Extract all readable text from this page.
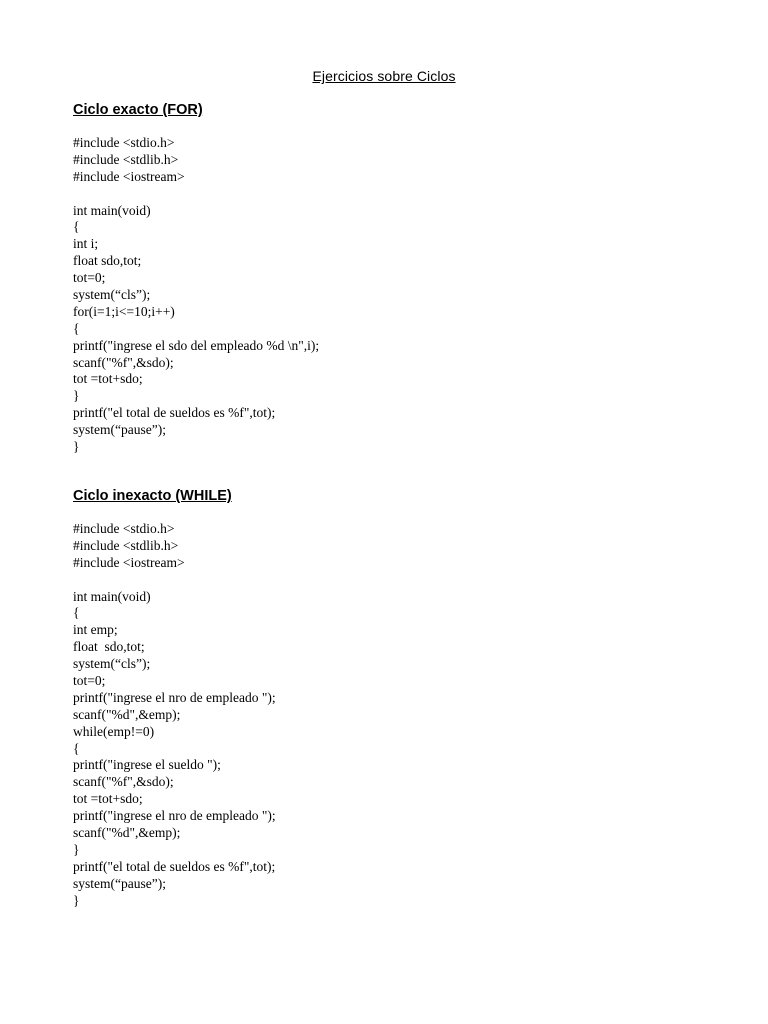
Ejercicios sobre Ciclos
Ciclo exacto (FOR)
#include <stdio.h>
#include <stdlib.h>
#include <iostream>
int main(void)
{
int i;
float sdo,tot;
tot=0;
system(“cls”);
for(i=1;i<=10;i++)
{
printf("ingrese el sdo del empleado %d \n",i);
scanf("%f",&sdo);
tot =tot+sdo;
}
printf("el total de sueldos es %f",tot);
system(“pause”);
}
Ciclo inexacto (WHILE)
#include <stdio.h>
#include <stdlib.h>
#include <iostream>
int main(void)
{
int emp;
float  sdo,tot;
system(“cls”);
tot=0;
printf("ingrese el nro de empleado ");
scanf("%d",&emp);
while(emp!=0)
{
printf("ingrese el sueldo ");
scanf("%f",&sdo);
tot =tot+sdo;
printf("ingrese el nro de empleado ");
scanf("%d",&emp);
}
printf("el total de sueldos es %f",tot);
system(“pause”);
}
